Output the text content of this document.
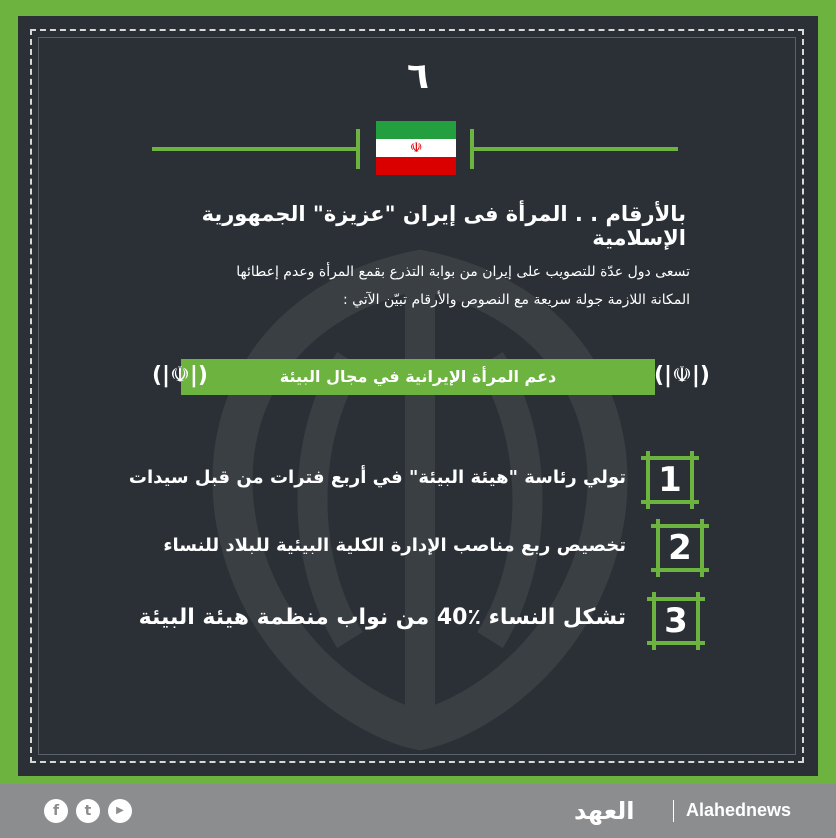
٦
☫
بالأرقام . . المرأة فى إيران "عزيزة" الجمهورية الإسلامية
تسعى دول عدّة للتصويب على إيران من بوابة التذرع بقمع المرأة وعدم إعطائها
المكانة اللازمة جولة سريعة مع النصوص والأرقام تبيّن الآتي :
دعم المرأة الإيرانية في مجال البيئة
(|☫|)	(|☫|)
1
تولي رئاسة "هيئة البيئة" في أربع فترات من قبل سيدات
2
تخصيص ربع مناصب الإدارة الكلية البيئية للبلاد للنساء
3
تشكل النساء ٪40 من نواب منظمة هيئة البيئة
f	t	▶	العهد	Alahednews
